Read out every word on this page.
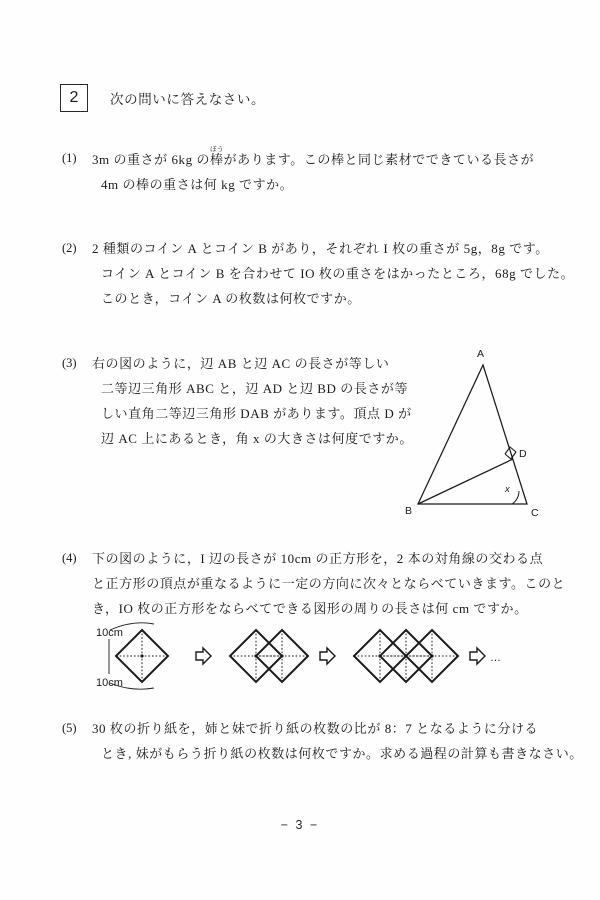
2 次の問いに答えなさい。
(1)	3m の重さが 6kg の棒ぼうがあります。この棒と同じ素材でできている長さが
4m の棒の重さは何 kg ですか。
(2)	2 種類のコイン A とコイン B があり，それぞれ I 枚の重さが 5g，8g です。
コイン A とコイン B を合わせて IO 枚の重さをはかったところ，68g でした。
このとき，コイン A の枚数は何枚ですか。
(3)	右の図のように，辺 AB と辺 AC の長さが等しい
二等辺三角形 ABC と，辺 AD と辺 BD の長さが等
しい直角二等辺三角形 DAB があります。頂点 D が
辺 AC 上にあるとき，角 x の大きさは何度ですか。
A
B	C
D
x
(4)	下の図のように，I 辺の長さが 10cm の正方形を，2 本の対角線の交わる点
と正方形の頂点が重なるように一定の方向に次々とならべていきます。このと
き，IO 枚の正方形をならべてできる図形の周りの長さは何 cm ですか。
10cm
10cm
…
(5)	30 枚の折り紙を，姉と妹で折り紙の枚数の比が 8：7 となるように分ける
とき, 妹がもらう折り紙の枚数は何枚ですか。求める過程の計算も書きなさい。
− 3 −
